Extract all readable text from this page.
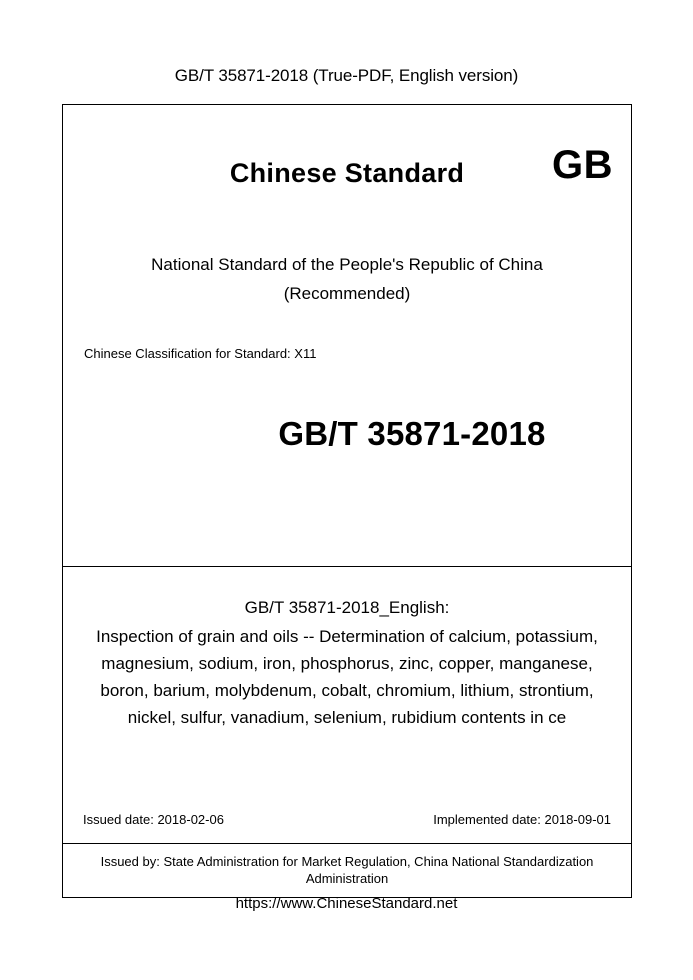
GB/T 35871-2018 (True-PDF, English version)
Chinese Standard	GB
National Standard of the People's Republic of China
(Recommended)
Chinese Classification for Standard: X11
GB/T 35871-2018
GB/T 35871-2018_English:
Inspection of grain and oils -- Determination of calcium, potassium, magnesium, sodium, iron, phosphorus, zinc, copper, manganese, boron, barium, molybdenum, cobalt, chromium, lithium, strontium, nickel, sulfur, vanadium, selenium, rubidium contents in ce
Issued date: 2018-02-06	Implemented date: 2018-09-01
Issued by: State Administration for Market Regulation, China National Standardization Administration
https://www.ChineseStandard.net
